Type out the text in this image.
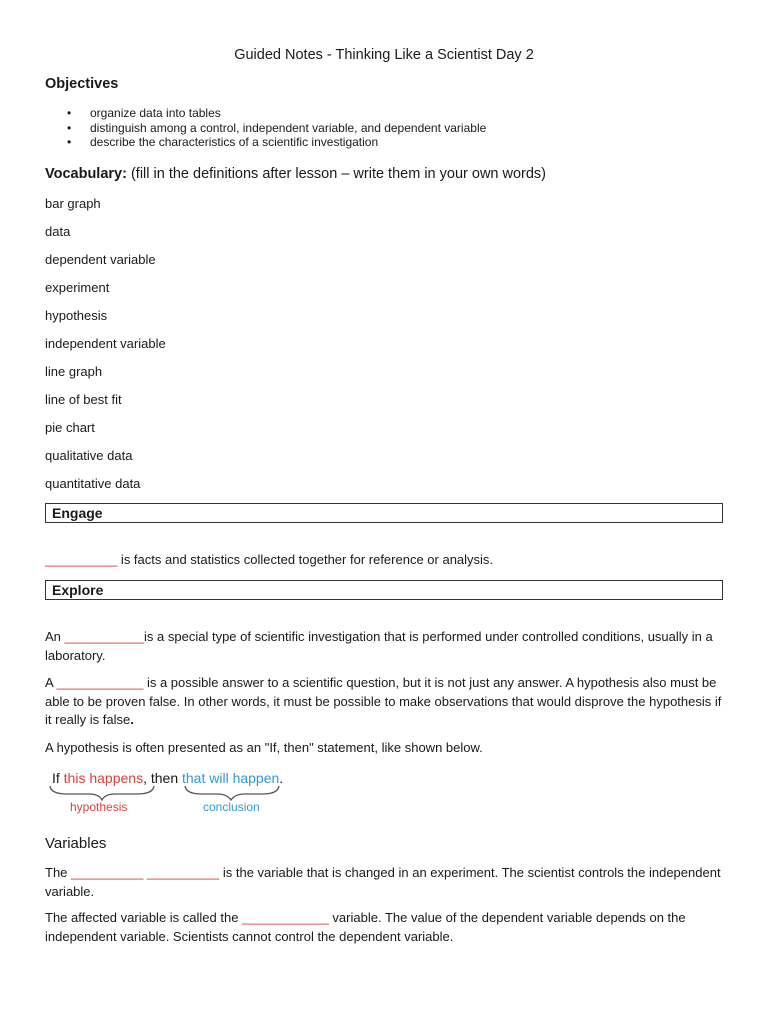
Guided Notes - Thinking Like a Scientist Day 2
Objectives
• organize data into tables
• distinguish among a control, independent variable, and dependent variable
• describe the characteristics of a scientific investigation
Vocabulary: (fill in the definitions after lesson – write them in your own words)
bar graph
data
dependent variable
experiment
hypothesis
independent variable
line graph
line of best fit
pie chart
qualitative data
quantitative data
Engage
__________ is facts and statistics collected together for reference or analysis.
Explore
An ___________is a special type of scientific investigation that is performed under controlled conditions, usually in a laboratory.
A ____________ is a possible answer to a scientific question, but it is not just any answer. A hypothesis also must be able to be proven false. In other words, it must be possible to make observations that would disprove the hypothesis if it really is false.
A hypothesis is often presented as an "If, then" statement, like shown below.
If this happens, then that will happen.
hypothesis	conclusion
Variables
The __________ __________ is the variable that is changed in an experiment. The scientist controls the independent variable.
The affected variable is called the ____________ variable. The value of the dependent variable depends on the independent variable. Scientists cannot control the dependent variable.
